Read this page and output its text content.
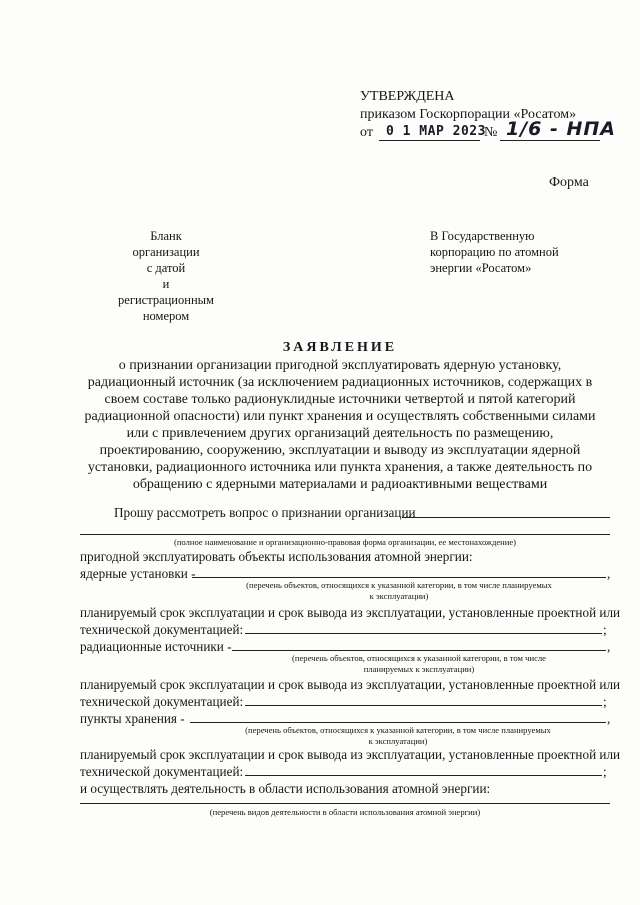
УТВЕРЖДЕНА
приказом Госкорпорации «Росатом»
от 0 1 МАР 2023
№ 1/6 - НПА
Форма
Бланк
организации
с датой
и
регистрационным
номером
В Государственную
корпорацию по атомной
энергии «Росатом»
ЗАЯВЛЕНИЕ
о признании организации пригодной эксплуатировать ядерную установку,
радиационный источник (за исключением радиационных источников, содержащих в
своем составе только радионуклидные источники четвертой и пятой категорий
радиационной опасности) или пункт хранения и осуществлять собственными силами
или с привлечением других организаций деятельность по размещению,
проектированию, сооружению, эксплуатации и выводу из эксплуатации ядерной
установки, радиационного источника или пункта хранения, а также деятельность по
обращению с ядерными материалами и радиоактивными веществами
Прошу рассмотреть вопрос о признании организации
(полное наименование и организационно-правовая форма организации, ее местонахождение)
пригодной эксплуатировать объекты использования атомной энергии:
ядерные установки -	,
(перечень объектов, относящихся к указанной категории, в том числе планируемых
к эксплуатации)
планируемый срок эксплуатации и срок вывода из эксплуатации, установленные проектной или
технической документацией:	;
радиационные источники -	,
(перечень объектов, относящихся к указанной категории, в том числе
планируемых к эксплуатации)
планируемый срок эксплуатации и срок вывода из эксплуатации, установленные проектной или
технической документацией:	;
пункты хранения -	,
(перечень объектов, относящихся к указанной категории, в том числе планируемых
к эксплуатации)
планируемый срок эксплуатации и срок вывода из эксплуатации, установленные проектной или
технической документацией:	;
и осуществлять деятельность в области использования атомной энергии:
(перечень видов деятельности в области использования атомной энергии)
